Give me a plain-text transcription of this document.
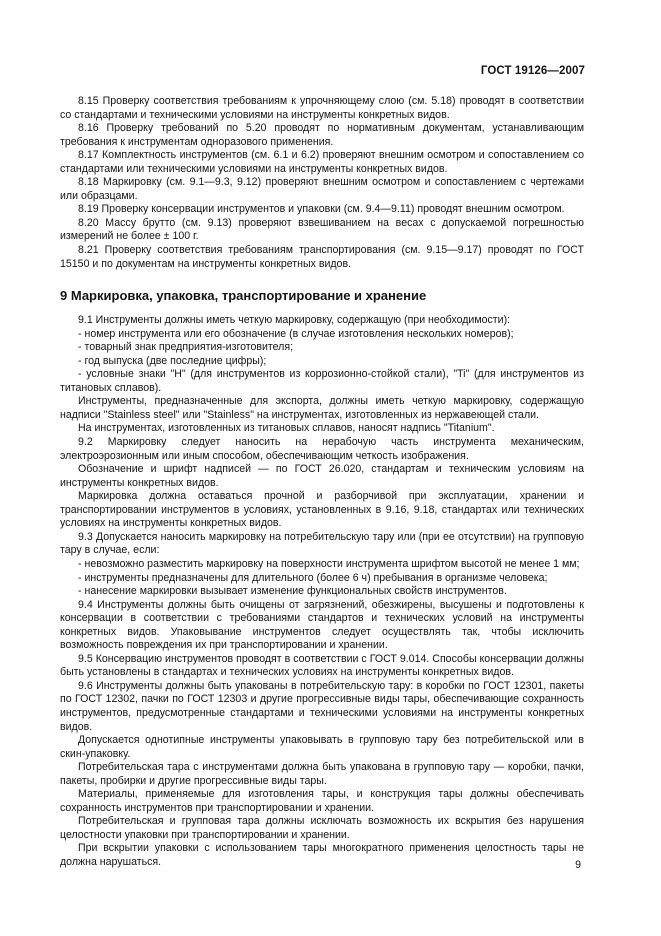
ГОСТ 19126—2007

8.15 Проверку соответствия требованиям к упрочняющему слою (см. 5.18) проводят в соответствии со стандартами и техническими условиями на инструменты конкретных видов.

8.16 Проверку требований по 5.20 проводят по нормативным документам, устанавливающим требования к инструментам одноразового применения.

8.17 Комплектность инструментов (см. 6.1 и 6.2) проверяют внешним осмотром и сопоставлением со стандартами или техническими условиями на инструменты конкретных видов.

8.18 Маркировку (см. 9.1—9.3, 9.12) проверяют внешним осмотром и сопоставлением с чертежами или образцами.

8.19 Проверку консервации инструментов и упаковки (см. 9.4—9.11) проводят внешним осмотром.

8.20 Массу брутто (см. 9.13) проверяют взвешиванием на весах с допускаемой погрешностью измерений не более ± 100 г.

8.21 Проверку соответствия требованиям транспортирования (см. 9.15—9.17) проводят по ГОСТ 15150 и по документам на инструменты конкретных видов.

9 Маркировка, упаковка, транспортирование и хранение

9.1 Инструменты должны иметь четкую маркировку, содержащую (при необходимости):

- номер инструмента или его обозначение (в случае изготовления нескольких номеров);

- товарный знак предприятия-изготовителя;

- год выпуска (две последние цифры);

- условные знаки "Н" (для инструментов из коррозионно-стойкой стали), "Ti" (для инструментов из титановых сплавов).

Инструменты, предназначенные для экспорта, должны иметь четкую маркировку, содержащую надписи "Stainless steel" или "Stainless" на инструментах, изготовленных из нержавеющей стали.

На инструментах, изготовленных из титановых сплавов, наносят надпись "Titanium".

9.2 Маркировку следует наносить на нерабочую часть инструмента механическим, электроэрозионным или иным способом, обеспечивающим четкость изображения.

Обозначение и шрифт надписей — по ГОСТ 26.020, стандартам и техническим условиям на инструменты конкретных видов.

Маркировка должна оставаться прочной и разборчивой при эксплуатации, хранении и транспортировании инструментов в условиях, установленных в 9.16, 9.18, стандартах или технических условиях на инструменты конкретных видов.

9.3 Допускается наносить маркировку на потребительскую тару или (при ее отсутствии) на групповую тару в случае, если:

- невозможно разместить маркировку на поверхности инструмента шрифтом высотой не менее 1 мм;

- инструменты предназначены для длительного (более 6 ч) пребывания в организме человека;

- нанесение маркировки вызывает изменение функциональных свойств инструментов.

9.4 Инструменты должны быть очищены от загрязнений, обезжирены, высушены и подготовлены к консервации в соответствии с требованиями стандартов и технических условий на инструменты конкретных видов. Упаковывание инструментов следует осуществлять так, чтобы исключить возможность повреждения их при транспортировании и хранении.

9.5 Консервацию инструментов проводят в соответствии с ГОСТ 9.014. Способы консервации должны быть установлены в стандартах и технических условиях на инструменты конкретных видов.

9.6 Инструменты должны быть упакованы в потребительскую тару: в коробки по ГОСТ 12301, пакеты по ГОСТ 12302, пачки по ГОСТ 12303 и другие прогрессивные виды тары, обеспечивающие сохранность инструментов, предусмотренные стандартами и техническими условиями на инструменты конкретных видов.

Допускается однотипные инструменты упаковывать в групповую тару без потребительской или в скин-упаковку.

Потребительская тара с инструментами должна быть упакована в групповую тару — коробки, пачки, пакеты, пробирки и другие прогрессивные виды тары.

Материалы, применяемые для изготовления тары, и конструкция тары должны обеспечивать сохранность инструментов при транспортировании и хранении.

Потребительская и групповая тара должны исключать возможность их вскрытия без нарушения целостности упаковки при транспортировании и хранении.

При вскрытии упаковки с использованием тары многократного применения целостность тары не должна нарушаться.	9
